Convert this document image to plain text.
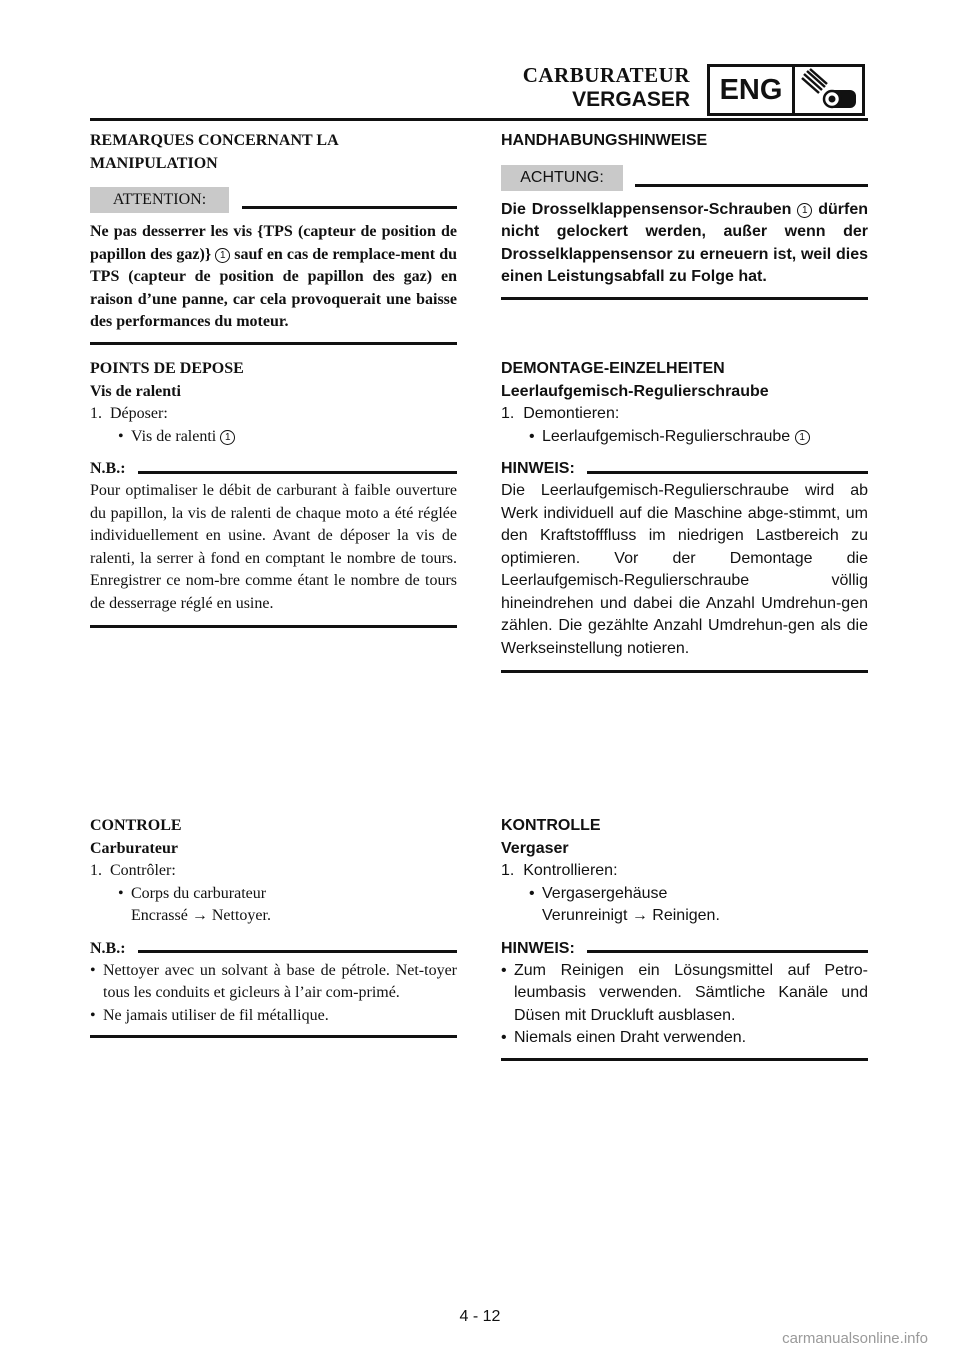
CARBURATEUR
VERGASER	ENG

REMARQUES CONCERNANT LA MANIPULATION

ATTENTION:

Ne pas desserrer les vis {TPS (capteur de position de papillon des gaz)} 1 sauf en cas de remplace-ment du TPS (capteur de position de papillon des gaz) en raison d’une panne, car cela provoquerait une baisse des performances du moteur.

HANDHABUNGSHINWEISE

ACHTUNG:

Die Drosselklappensensor-Schrauben 1 dürfen nicht gelockert werden, außer wenn der Drosselklappensensor zu erneuern ist, weil dies einen Leistungsabfall zu Folge hat.

POINTS DE DEPOSE

Vis de ralenti

1.  Déposer:

• Vis de ralenti 1
N.B.:

Pour optimaliser le débit de carburant à faible ouverture du papillon, la vis de ralenti de chaque moto a été réglée individuellement en usine. Avant de déposer la vis de ralenti, la serrer à fond en comptant le nombre de tours. Enregistrer ce nom-bre comme étant le nombre de tours de desserrage réglé en usine.

DEMONTAGE-EINZELHEITEN

Leerlaufgemisch-Regulierschraube

1.  Demontieren:

• Leerlaufgemisch-Regulierschraube 1
HINWEIS:

Die Leerlaufgemisch-Regulierschraube wird ab Werk individuell auf die Maschine abge-stimmt, um den Kraftstofffluss im niedrigen Lastbereich zu optimieren. Vor der Demontage die Leerlaufgemisch-Regulierschraube völlig hineindrehen und dabei die Anzahl Umdrehun-gen zählen. Die gezählte Anzahl Umdrehun-gen als die Werkseinstellung notieren.

CONTROLE

Carburateur

1.  Contrôler:

• Corps du carburateur

Encrassé → Nettoyer.

N.B.:
• Nettoyer avec un solvant à base de pétrole. Net-toyer tous les conduits et gicleurs à l’air com-primé.
• Ne jamais utiliser de fil métallique.

KONTROLLE

Vergaser

1.  Kontrollieren:

• Vergasergehäuse

Verunreinigt → Reinigen.

HINWEIS:
• Zum Reinigen ein Lösungsmittel auf Petro-leumbasis verwenden. Sämtliche Kanäle und Düsen mit Druckluft ausblasen.
• Niemals einen Draht verwenden.
4 - 12
carmanualsonline.info
